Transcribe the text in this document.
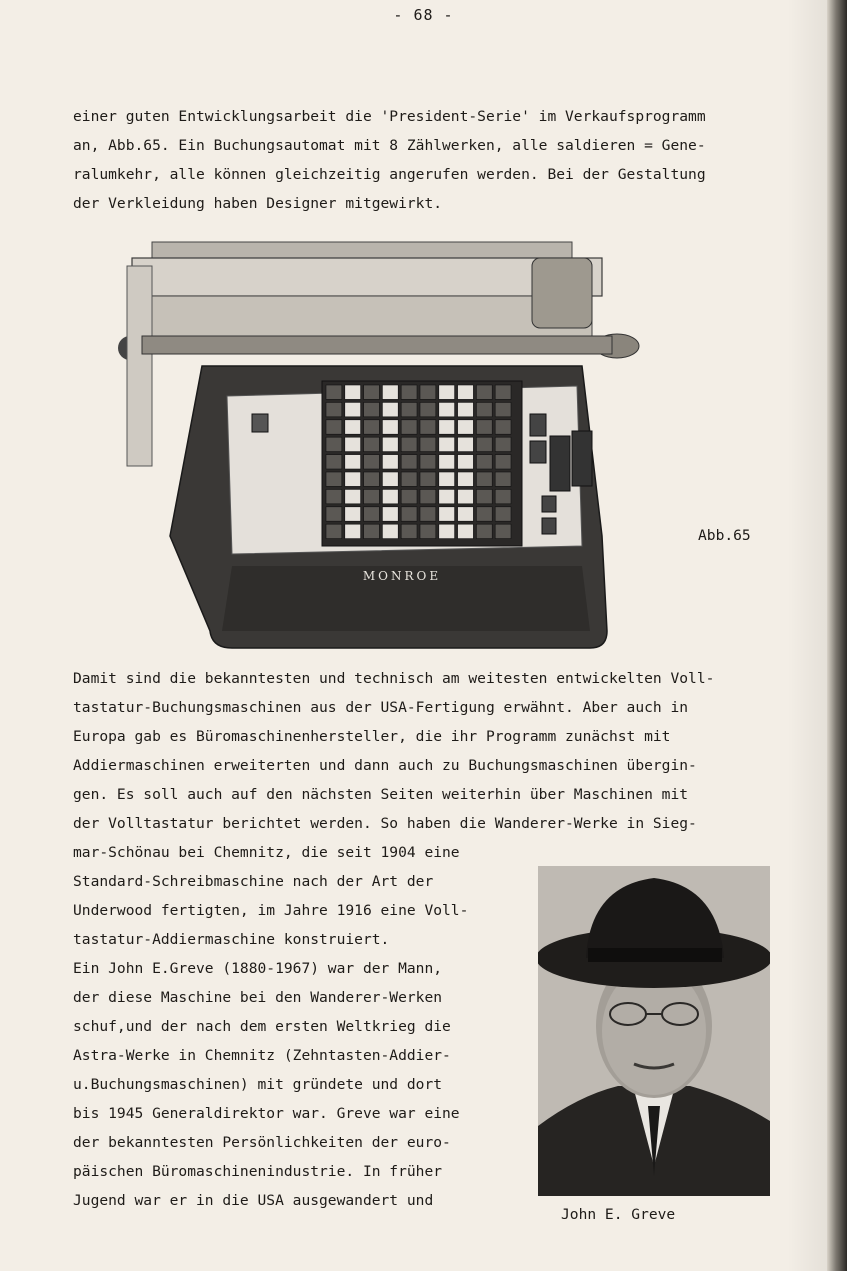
- 68 -
einer guten Entwicklungsarbeit die 'President-Serie' im Verkaufsprogramm
an, Abb.65. Ein Buchungsautomat mit 8 Zählwerken, alle saldieren = Gene-
ralumkehr, alle können gleichzeitig angerufen werden. Bei der Gestaltung
der Verkleidung haben Designer mitgewirkt.
MONROE
Abb.65
Damit sind die bekanntesten und technisch am weitesten entwickelten Voll-
tastatur-Buchungsmaschinen aus der USA-Fertigung erwähnt. Aber auch in
Europa gab es Büromaschinenhersteller, die ihr Programm zunächst mit
Addiermaschinen erweiterten und dann auch zu Buchungsmaschinen übergin-
gen. Es soll auch auf den nächsten Seiten weiterhin über Maschinen mit
der Volltastatur berichtet werden. So haben die Wanderer-Werke in Sieg-
mar-Schönau bei Chemnitz, die seit 1904 eine
Standard-Schreibmaschine nach der Art der
Underwood fertigten, im Jahre 1916 eine Voll-
tastatur-Addiermaschine konstruiert.
Ein John E.Greve (1880-1967) war der Mann,
der diese Maschine bei den Wanderer-Werken
schuf,und der nach dem ersten Weltkrieg die
Astra-Werke in Chemnitz (Zehntasten-Addier-
u.Buchungsmaschinen) mit gründete und dort
bis 1945 Generaldirektor war. Greve war eine
der bekanntesten Persönlichkeiten der euro-
päischen Büromaschinenindustrie. In früher
Jugend war er in die USA ausgewandert und
John E. Greve
